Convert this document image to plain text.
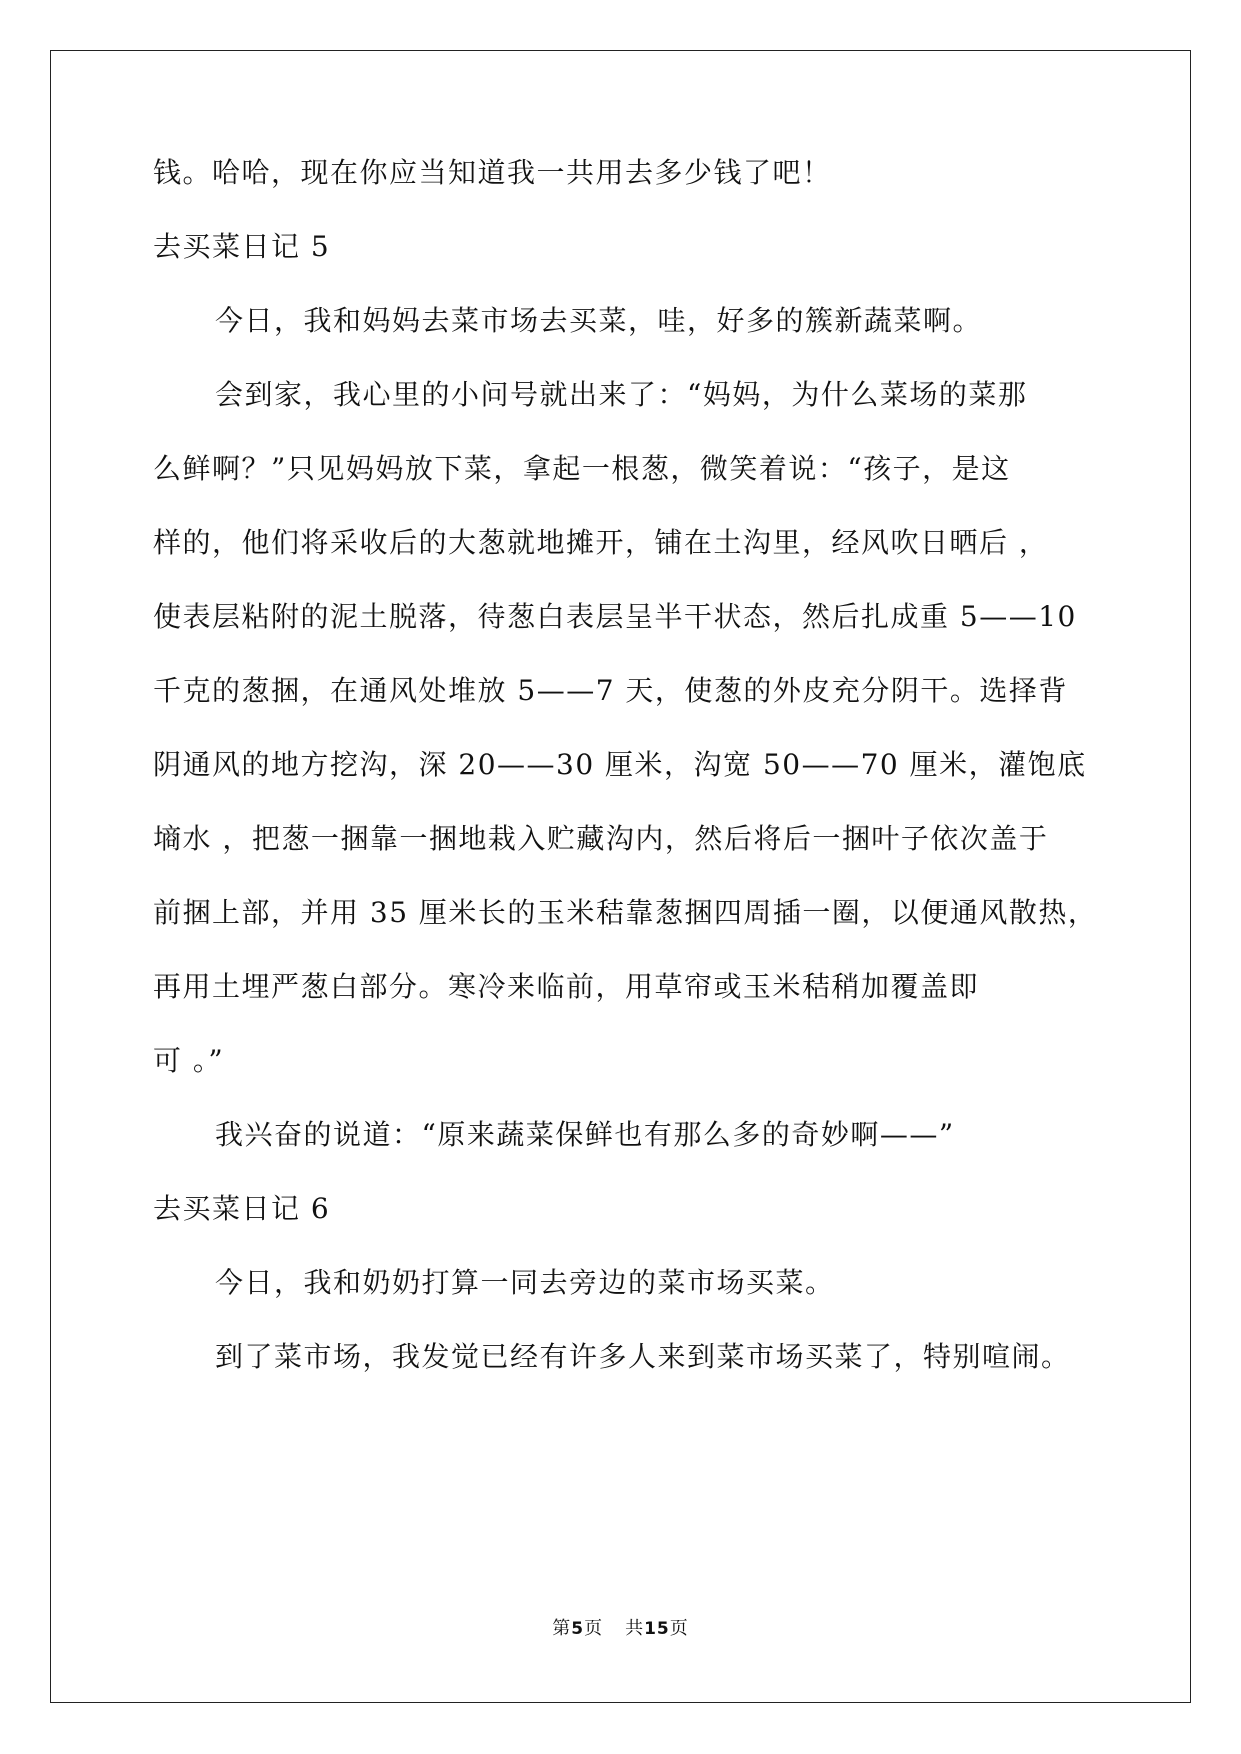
钱。哈哈，现在你应当知道我一共用去多少钱了吧！
去买菜日记 5
今日，我和妈妈去菜市场去买菜，哇，好多的簇新蔬菜啊。
会到家，我心里的小问号就出来了：“妈妈，为什么菜场的菜那
么鲜啊？”只见妈妈放下菜，拿起一根葱，微笑着说：“孩子，是这
样的，他们将采收后的大葱就地摊开，铺在土沟里，经风吹日晒后 ，
使表层粘附的泥土脱落，待葱白表层呈半干状态，然后扎成重 5——10
千克的葱捆，在通风处堆放 5——7 天，使葱的外皮充分阴干。选择背
阴通风的地方挖沟，深 20——30 厘米，沟宽 50——70 厘米，灌饱底
墒水 ，把葱一捆靠一捆地栽入贮藏沟内，然后将后一捆叶子依次盖于
前捆上部，并用 35 厘米长的玉米秸靠葱捆四周插一圈，以便通风散热，
再用土埋严葱白部分。寒冷来临前，用草帘或玉米秸稍加覆盖即
可 。”
我兴奋的说道：“原来蔬菜保鲜也有那么多的奇妙啊——”
去买菜日记 6
今日，我和奶奶打算一同去旁边的菜市场买菜。
到了菜市场，我发觉已经有许多人来到菜市场买菜了，特别喧闹。
第5页 共15页
